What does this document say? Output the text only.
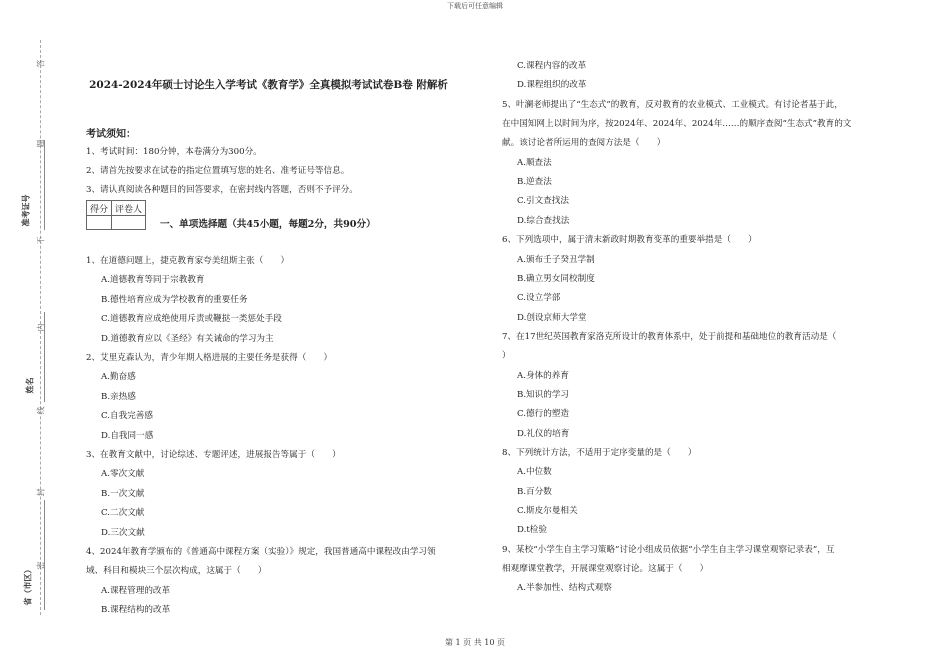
下载后可任意编辑
答
题
不
内
线
封
密
准考证号
姓名
省（市区）
2024-2024年硕士讨论生入学考试《教育学》全真模拟考试试卷B卷 附解析
考试须知：
1、考试时间：180分钟，本卷满分为300分。
2、请首先按要求在试卷的指定位置填写您的姓名、准考证号等信息。
3、请认真阅读各种题目的回答要求，在密封线内答题，否则不予评分。
得分	评卷人

一、单项选择题（共45小题，每题2分，共90分）
1、在道德问题上，捷克教育家夸美纽斯主张（　　）
A.道德教育等同于宗教教育
B.德性培育应成为学校教育的重要任务
C.道德教育应成绝使用斥责或鞭挞一类惩处手段
D.道德教育应以《圣经》有关诫命的学习为主
2、艾里克森认为，青少年期人格进展的主要任务是获得（　　）
A.勤奋感
B.亲热感
C.自我完善感
D.自我同一感
3、在教育文献中，讨论综述、专题评述，进展报告等属于（　　）
A.零次文献
B.一次文献
C.二次文献
D.三次文献
4、2024年教育学颁布的《普通高中课程方案（实验）》规定，我国普通高中课程改由学习领
域、科目和模块三个层次构成，这属于（　　）
A.课程管理的改革
B.课程结构的改革
C.课程内容的改革
D.课程组织的改革
5、叶澜老师提出了“生态式”的教育，反对教育的农业模式、工业模式。有讨论者基于此，
在中国知网上以时间为序，按2024年、2024年、2024年……的顺序查阅“生态式”教育的文
献。该讨论者所运用的查阅方法是（　　）
A.顺查法
B.逆查法
C.引文查找法
D.综合查找法
6、下列选项中，属于清末新政时期教育变革的重要举措是（　　）
A.颁布壬子癸丑学制
B.确立男女同校制度
C.设立学部
D.创设京师大学堂
7、在17世纪英国教育家洛克所设计的教育体系中，处于前提和基础地位的教育活动是（
）
A.身体的养育
B.知识的学习
C.德行的塑造
D.礼仪的培育
8、下列统计方法，不适用于定序变量的是（　　）
A.中位数
B.百分数
C.斯皮尔曼相关
D.t检验
9、某校“小学生自主学习策略”讨论小组成员依据“小学生自主学习课堂观察记录表”，互
相观摩课堂教学，开展课堂观察讨论。这属于（　　）
A.半参加性、结构式观察
第 1 页 共 10 页
